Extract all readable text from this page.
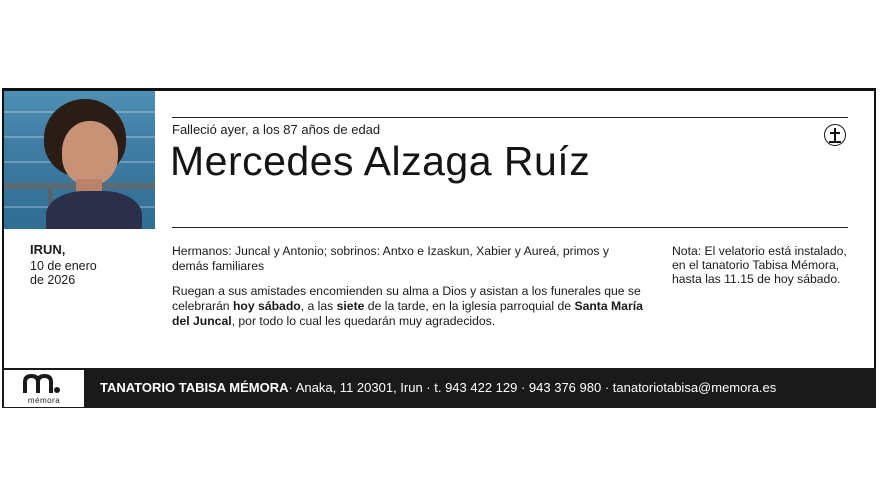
Falleció ayer, a los 87 años de edad
Mercedes Alzaga Ruíz
IRUN,
10 de enero
de 2026
Hermanos: Juncal y Antonio; sobrinos: Antxo e Izaskun, Xabier y Aureá, primos y demás familiares
Ruegan a sus amistades encomienden su alma a Dios y asistan a los funerales que se celebrarán hoy sábado, a las siete de la tarde, en la iglesia parroquial de Santa María del Juncal, por todo lo cual les quedarán muy agradecidos.
Nota: El velatorio está instalado, en el tanatorio Tabisa Mémora, hasta las 11.15 de hoy sábado.
mémora
TANATORIO TABISA MÉMORA· Anaka, 11 20301, Irun · t. 943 422 129 · 943 376 980 · tanatoriotabisa@memora.es
